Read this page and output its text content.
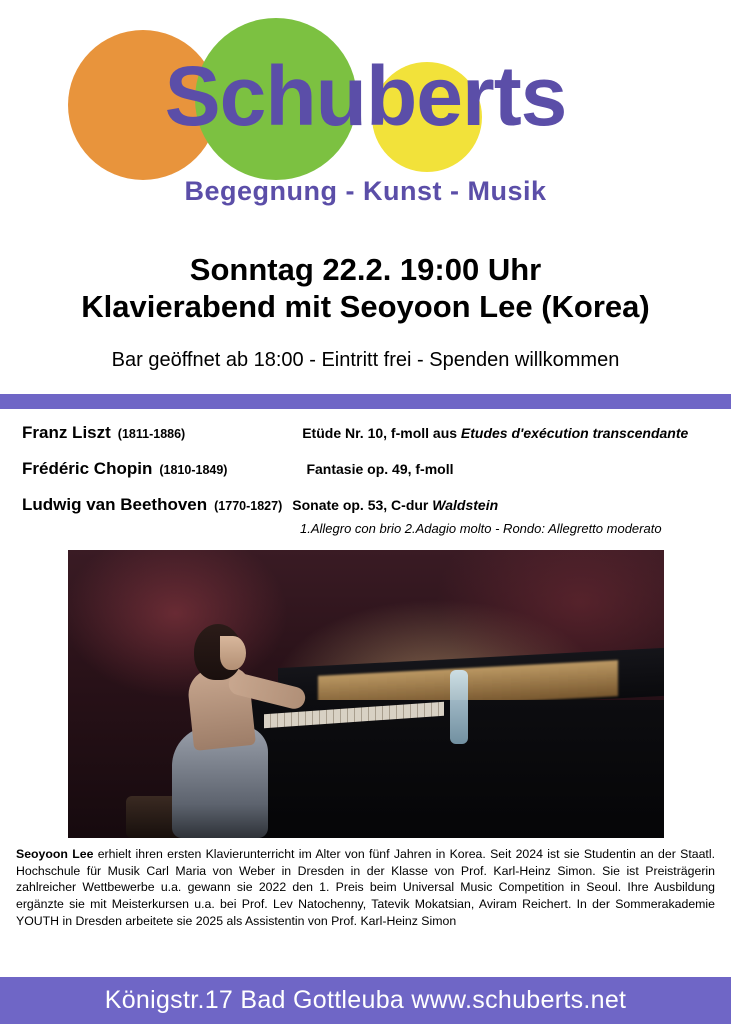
Schuberts
Begegnung - Kunst - Musik
Sonntag 22.2. 19:00 Uhr
Klavierabend mit Seoyoon Lee (Korea)
Bar geöffnet ab 18:00 - Eintritt frei - Spenden willkommen
Franz Liszt (1811-1886)	Etüde Nr. 10, f-moll aus Etudes d'exécution transcendante
Frédéric Chopin (1810-1849)	Fantasie op. 49, f-moll
Ludwig van Beethoven (1770-1827) Sonate op. 53, C-dur Waldstein
1.Allegro con brio 2.Adagio molto - Rondo: Allegretto moderato
Seoyoon Lee erhielt ihren ersten Klavierunterricht im Alter von fünf Jahren in Korea. Seit 2024 ist sie Studentin an der Staatl. Hochschule für Musik Carl Maria von Weber in Dresden in der Klasse von Prof. Karl-Heinz Simon. Sie ist Preisträgerin zahlreicher Wettbewerbe u.a. gewann sie 2022 den 1. Preis beim Universal Music Competition in Seoul. Ihre Ausbildung ergänzte sie mit Meisterkursen u.a. bei Prof. Lev Natochenny, Tatevik Mokatsian, Aviram Reichert. In der Sommerakademie YOUTH in Dresden arbeitete sie 2025 als Assistentin von Prof. Karl-Heinz Simon
Königstr.17 Bad Gottleuba www.schuberts.net
